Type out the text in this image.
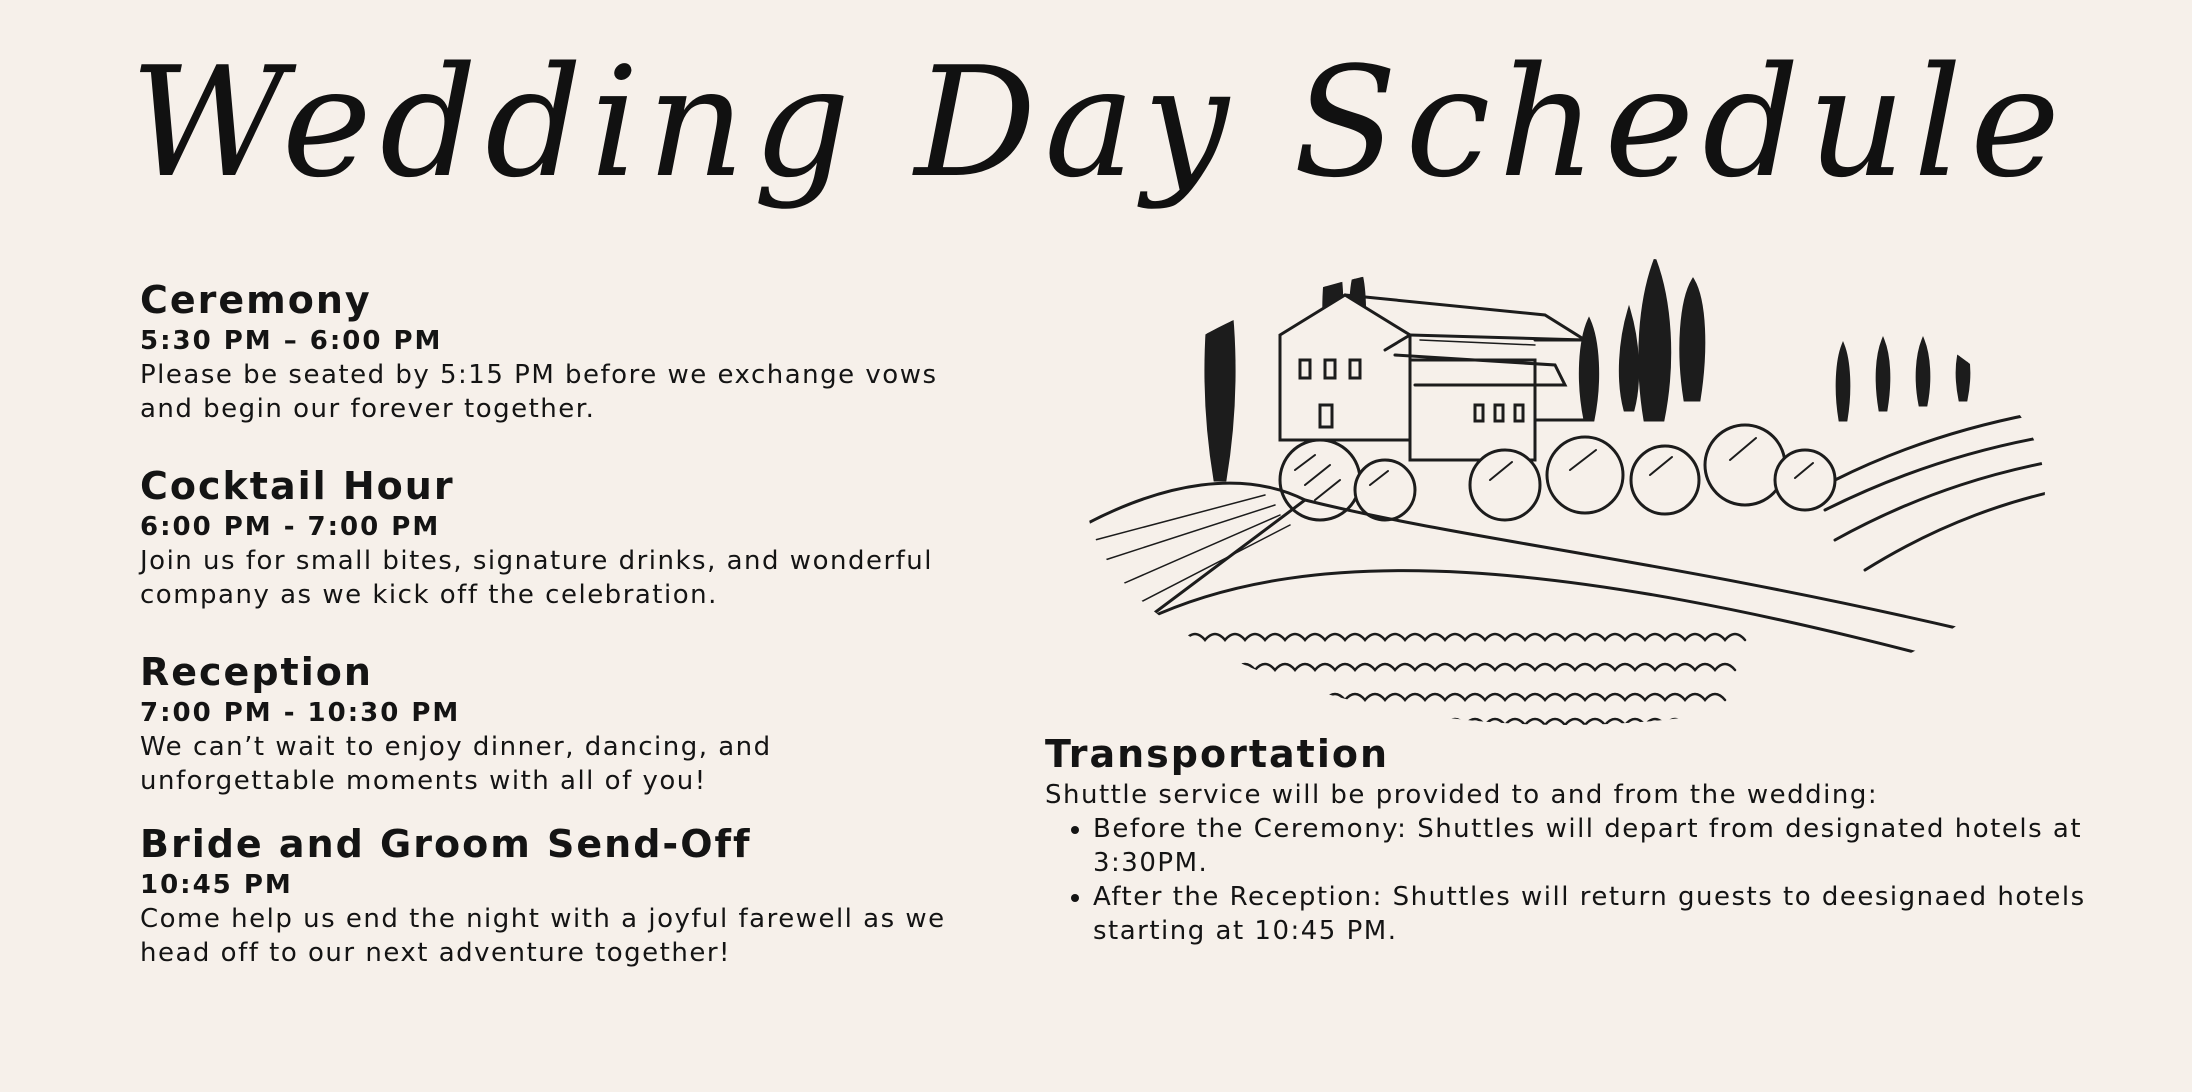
Wedding Day Schedule
Ceremony
5:30 PM – 6:00 PM

Please be seated by 5:15 PM before we exchange vows and begin our forever together.

Cocktail Hour
6:00 PM - 7:00 PM

Join us for small bites, signature drinks, and wonderful company as we kick off the celebration.

Reception
7:00 PM - 10:30 PM

We can’t wait to enjoy dinner, dancing, and unforgettable moments with all of you!

Bride and Groom Send-Off
10:45 PM

Come help us end the night with a joyful farewell as we head off to our next adventure together!

Transportation
Shuttle service will be provided to and from the wedding:
• Before the Ceremony: Shuttles will depart from designated hotels at 3:30PM.
• After the Reception: Shuttles will return guests to deesignaed hotels starting at 10:45 PM.
